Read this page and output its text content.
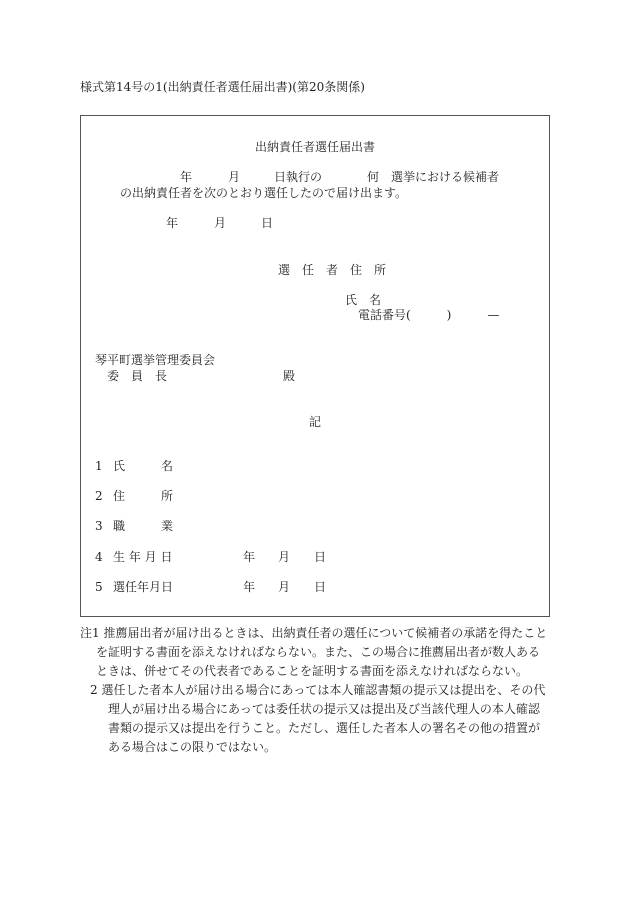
様式第14号の1(出納責任者選任届出書)(第20条関係)
出納責任者選任届出書
年	月	日執行の	何　選挙における候補者
の出納責任者を次のとおり選任したので届け出ます。
年	月	日
選　任　者　住　所
氏　名
電話番号(　　　)　　　—
琴平町選挙管理委員会
委　員　長	殿
記
1 氏　　　名
2 住　　　所
3 職　　　業
4 生 年 月 日	年 月 日
5 選任年月日	年 月 日

注1 推薦届出者が届け出るときは、出納責任者の選任について候補者の承諾を得たことを証明する書面を添えなければならない。また、この場合に推薦届出者が数人あるときは、併せてその代表者であることを証明する書面を添えなければならない。

2 選任した者本人が届け出る場合にあっては本人確認書類の提示又は提出を、その代理人が届け出る場合にあっては委任状の提示又は提出及び当該代理人の本人確認書類の提示又は提出を行うこと。ただし、選任した者本人の署名その他の措置がある場合はこの限りではない。
